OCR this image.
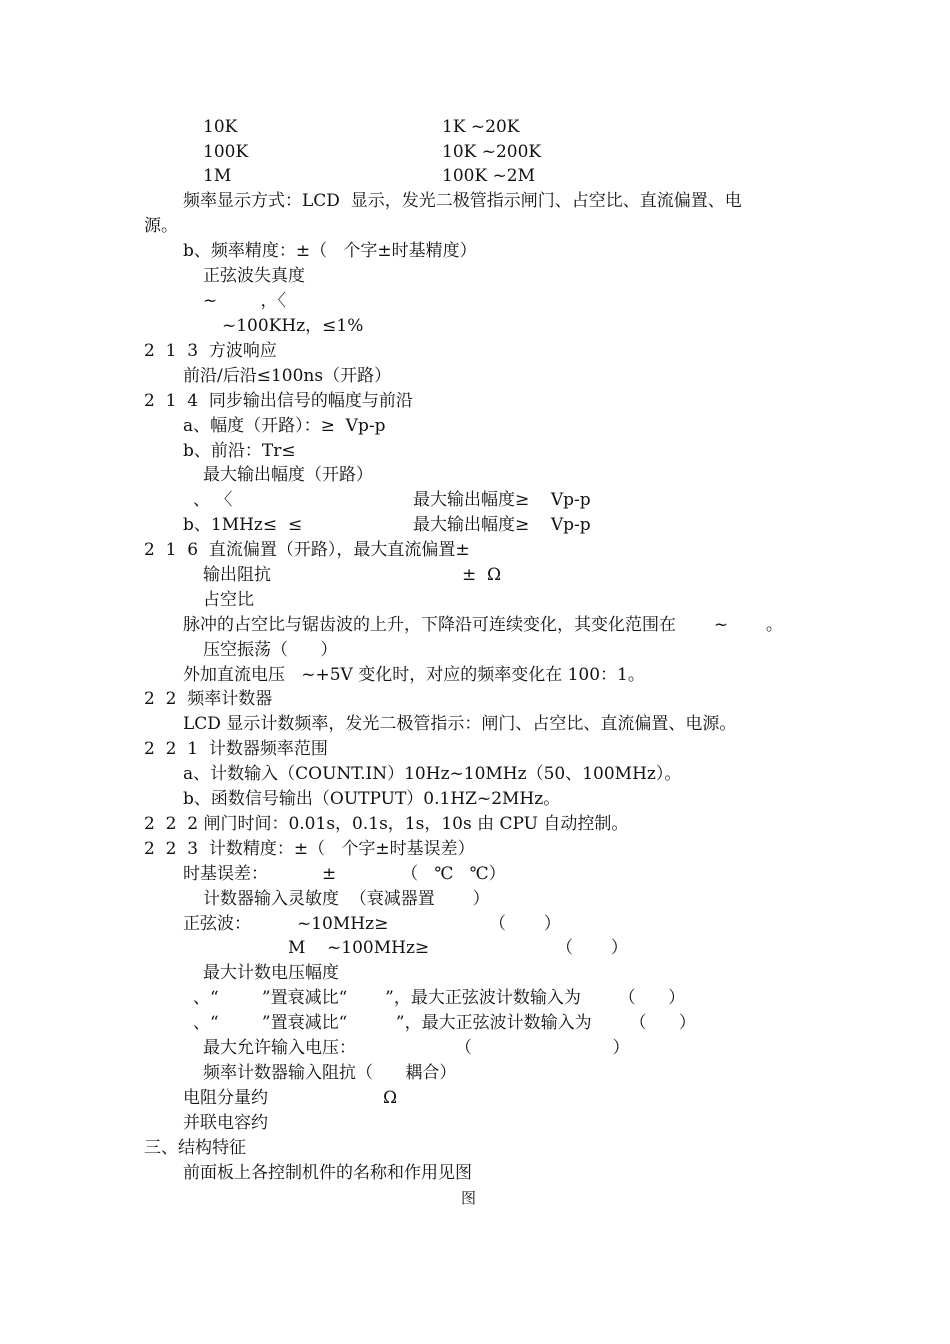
10K	1K ~20K
100K	10K ~200K
1M	100K ~2M
频率显示方式：LCD  显示，发光二极管指示闸门、占空比、直流偏置、电
源。
b、频率精度：±（   个字±时基精度）
正弦波失真度
~        ，〈
~100KHz，≤1%
2  1  3  方波响应
前沿/后沿≤100ns（开路）
2  1  4  同步输出信号的幅度与前沿
a、幅度（开路）：≥  Vp-p
b、前沿：Tr≤
最大输出幅度（开路）
、 〈	最大输出幅度≥    Vp-p
b、1MHz≤  ≤	最大输出幅度≥    Vp-p
2  1  6  直流偏置（开路），最大直流偏置±
输出阻抗	±  Ω
占空比
脉冲的占空比与锯齿波的上升，下降沿可连续变化，其变化范围在       ~       。
压空振荡（      ）
外加直流电压   ~+5V 变化时，对应的频率变化在 100：1。
2  2  频率计数器
LCD 显示计数频率，发光二极管指示：闸门、占空比、直流偏置、电源。
2  2  1  计数器频率范围
a、计数输入（COUNT.IN）10Hz~10MHz（50、100MHz）。
b、函数信号输出（OUTPUT）0.1HZ~2MHz。
2  2  2 闸门时间：0.01s，0.1s，1s，10s 由 CPU 自动控制。
2  2  3  计数精度：±（   个字±时基误差）
时基误差：          ±            （   ℃   ℃）
计数器输入灵敏度  （衰减器置       ）
正弦波：	~10MHz≥	（       ）
M    ~100MHz≥	（       ）
最大计数电压幅度
、“        ”置衰减比“       ”，最大正弦波计数输入为       （      ）
、“        ”置衰减比“         ”，最大正弦波计数输入为       （      ）
最大允许输入电压：	（                          ）
频率计数器输入阻抗（      耦合）
电阻分量约	Ω
并联电容约
三、结构特征
前面板上各控制机件的名称和作用见图
图
